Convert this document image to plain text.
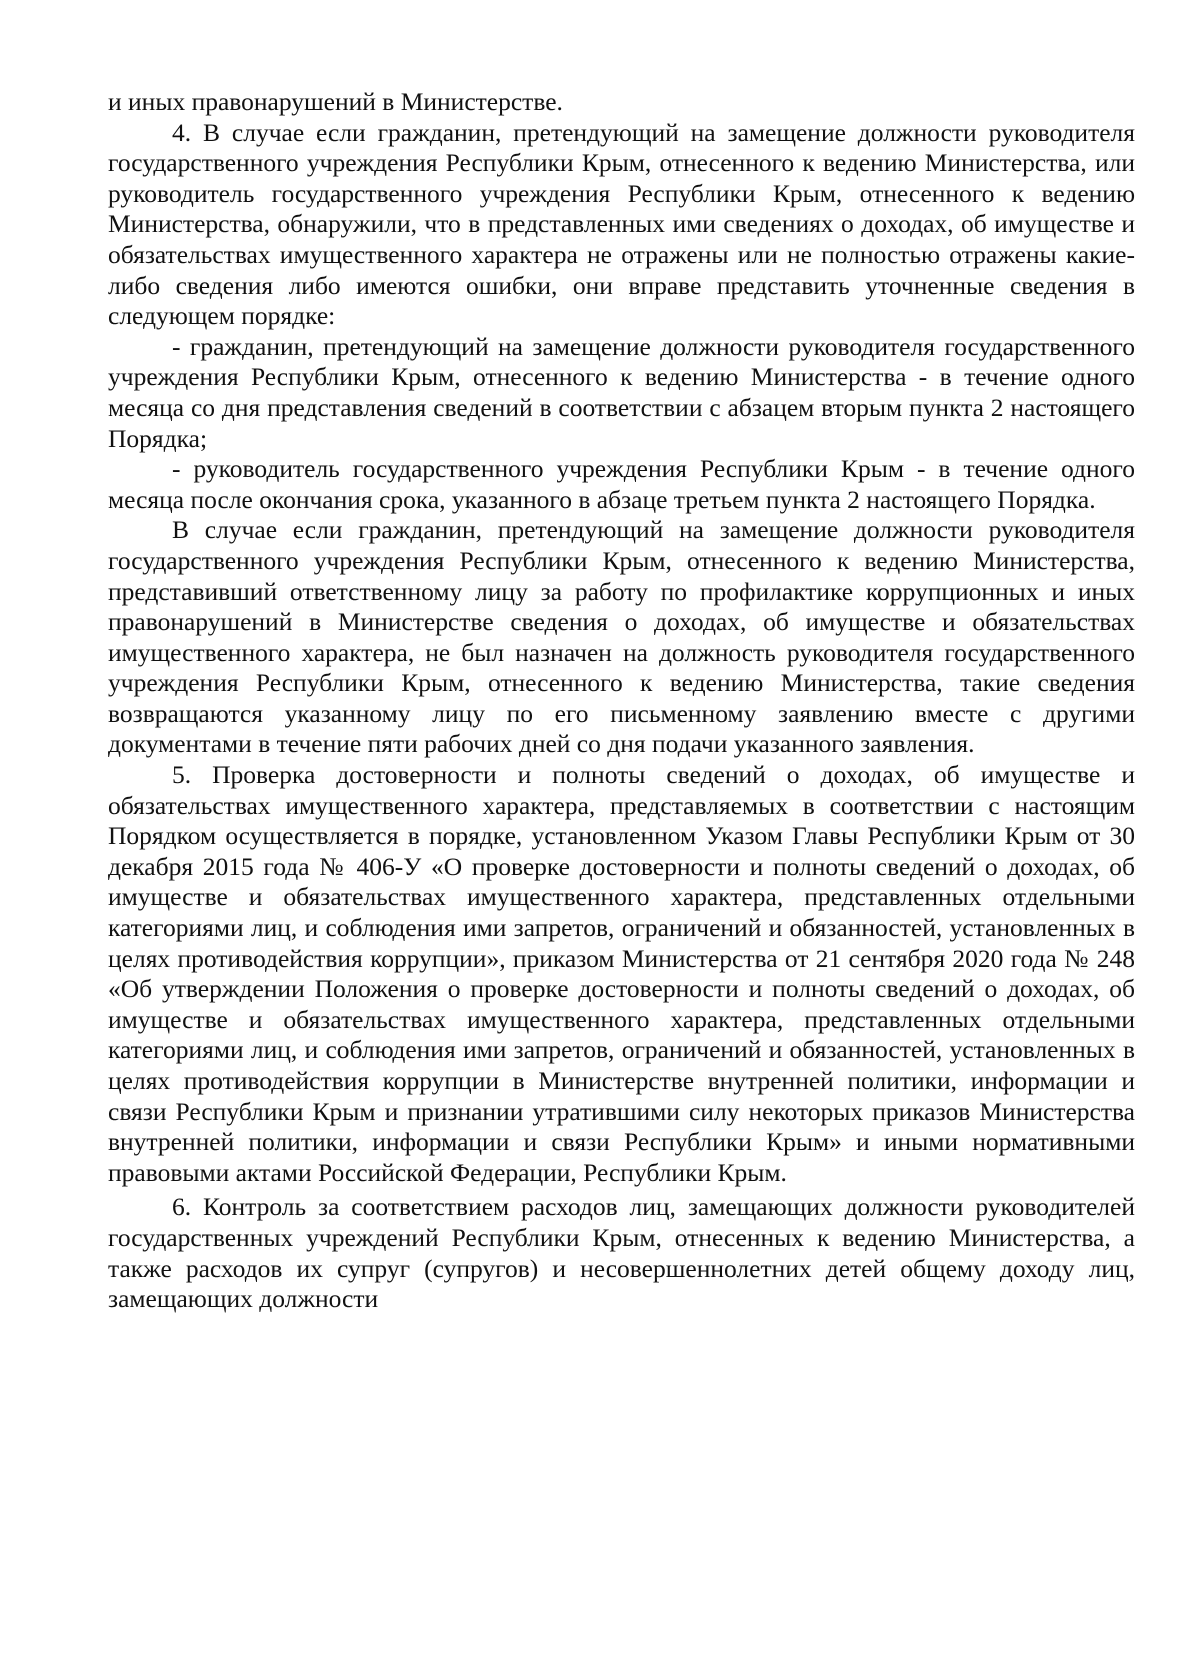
и иных правонарушений в Министерстве.

4. В случае если гражданин, претендующий на замещение должности руководителя государственного учреждения Республики Крым, отнесенного к ведению Министерства, или руководитель государственного учреждения Республики Крым, отнесенного к ведению Министерства, обнаружили, что в представленных ими сведениях о доходах, об имуществе и обязательствах имущественного характера не отражены или не полностью отражены какие-либо сведения либо имеются ошибки, они вправе представить уточненные сведения в следующем порядке:

- гражданин, претендующий на замещение должности руководителя государственного учреждения Республики Крым, отнесенного к ведению Министерства - в течение одного месяца со дня представления сведений в соответствии с абзацем вторым пункта 2 настоящего Порядка;

- руководитель государственного учреждения Республики Крым - в течение одного месяца после окончания срока, указанного в абзаце третьем пункта 2 настоящего Порядка.

В случае если гражданин, претендующий на замещение должности руководителя государственного учреждения Республики Крым, отнесенного к ведению Министерства, представивший ответственному лицу за работу по профилактике коррупционных и иных правонарушений в Министерстве сведения о доходах, об имуществе и обязательствах имущественного характера, не был назначен на должность руководителя государственного учреждения Республики Крым, отнесенного к ведению Министерства, такие сведения возвращаются указанному лицу по его письменному заявлению вместе с другими документами в течение пяти рабочих дней со дня подачи указанного заявления.

5. Проверка достоверности и полноты сведений о доходах, об имуществе и обязательствах имущественного характера, представляемых в соответствии с настоящим Порядком осуществляется в порядке, установленном Указом Главы Республики Крым от 30 декабря 2015 года № 406-У «О проверке достоверности и полноты сведений о доходах, об имуществе и обязательствах имущественного характера, представленных отдельными категориями лиц, и соблюдения ими запретов, ограничений и обязанностей, установленных в целях противодействия коррупции», приказом Министерства от 21 сентября 2020 года № 248 «Об утверждении Положения о проверке достоверности и полноты сведений о доходах, об имуществе и обязательствах имущественного характера, представленных отдельными категориями лиц, и соблюдения ими запретов, ограничений и обязанностей, установленных в целях противодействия коррупции в Министерстве внутренней политики, информации и связи Республики Крым и признании утратившими силу некоторых приказов Министерства внутренней политики, информации и связи Республики Крым» и иными нормативными правовыми актами Российской Федерации, Республики Крым.

6. Контроль за соответствием расходов лиц, замещающих должности руководителей государственных учреждений Республики Крым, отнесенных к ведению Министерства, а также расходов их супруг (супругов) и несовершеннолетних детей общему доходу лиц, замещающих должности
